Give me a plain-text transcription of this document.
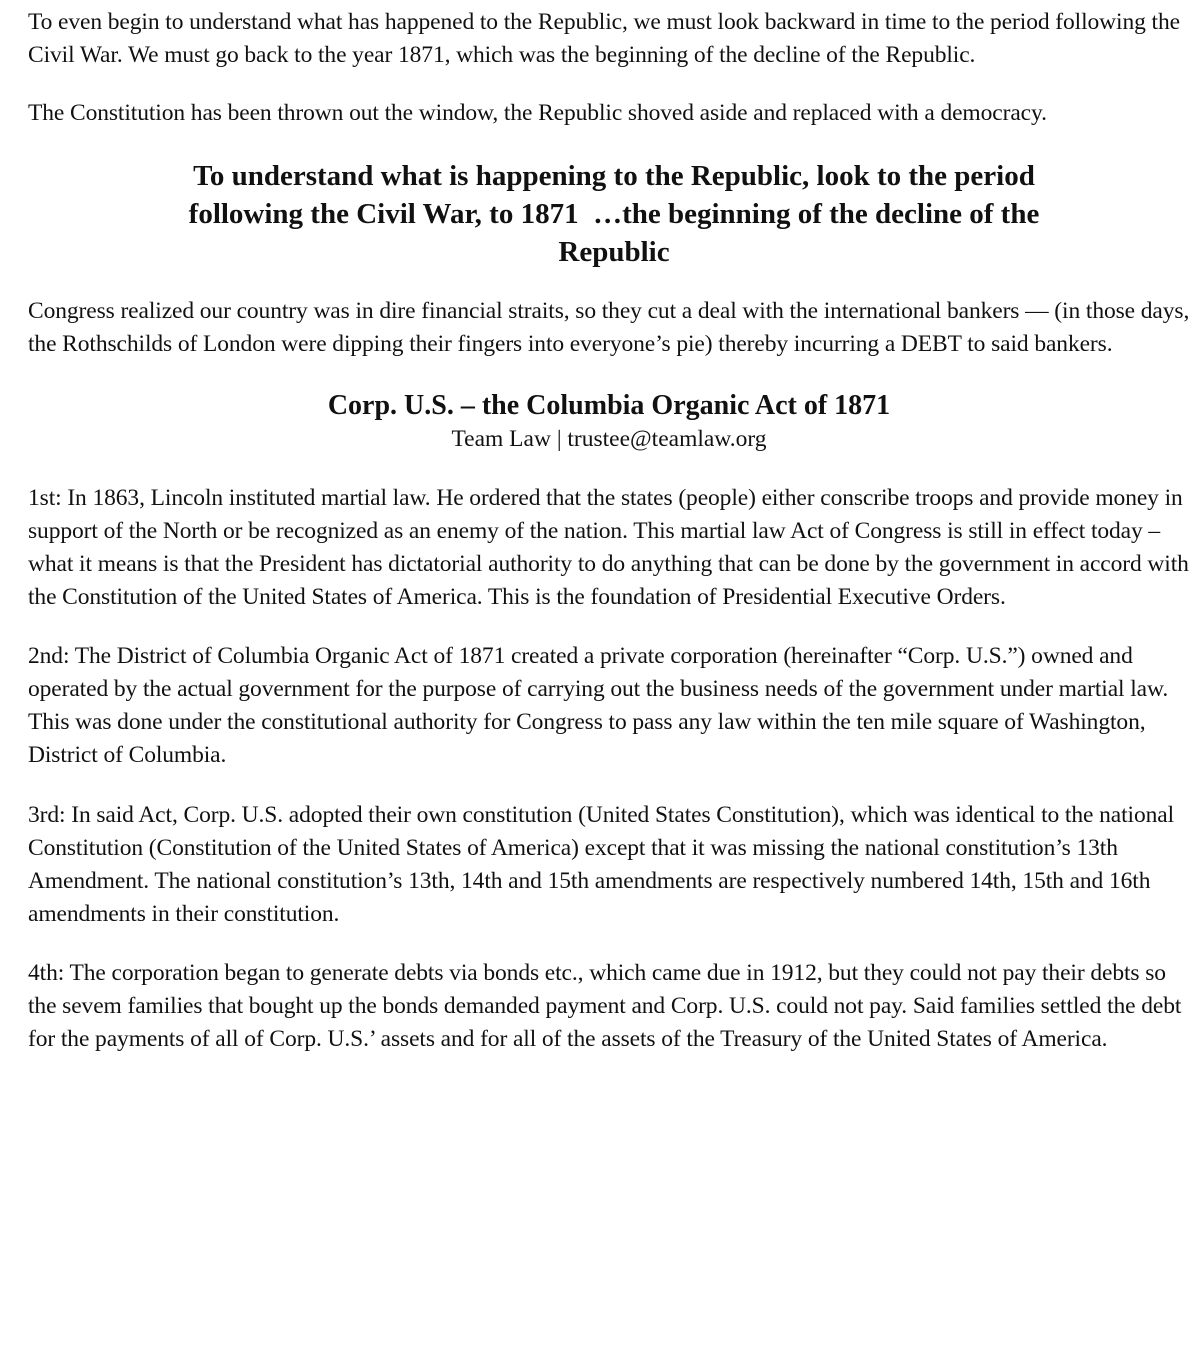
To even begin to understand what has happened to the Republic, we must look backward in time to the period following the Civil War. We must go back to the year 1871, which was the beginning of the decline of the Republic.

The Constitution has been thrown out the window, the Republic shoved aside and replaced with a democracy.

To understand what is happening to the Republic, look to the period
following the Civil War, to 1871  …the beginning of the decline of the
Republic

Congress realized our country was in dire financial straits, so they cut a deal with the international bankers — (in those days, the Rothschilds of London were dipping their fingers into everyone’s pie) thereby incurring a DEBT to said bankers.

Corp. U.S. – the Columbia Organic Act of 1871
Team Law | trustee@teamlaw.org

1st: In 1863, Lincoln instituted martial law. He ordered that the states (people) either conscribe troops and provide money in support of the North or be recognized as an enemy of the nation. This martial law Act of Congress is still in effect today – what it means is that the President has dictatorial authority to do anything that can be done by the government in accord with the Constitution of the United States of America. This is the foundation of Presidential Executive Orders.

2nd: The District of Columbia Organic Act of 1871 created a private corporation (hereinafter “Corp. U.S.”) owned and operated by the actual government for the purpose of carrying out the business needs of the government under martial law. This was done under the constitutional authority for Congress to pass any law within the ten mile square of Washington, District of Columbia.

3rd: In said Act, Corp. U.S. adopted their own constitution (United States Constitution), which was identical to the national Constitution (Constitution of the United States of America) except that it was missing the national constitution’s 13th Amendment. The national constitution’s 13th, 14th and 15th amendments are respectively numbered 14th, 15th and 16th amendments in their constitution.

4th: The corporation began to generate debts via bonds etc., which came due in 1912, but they could not pay their debts so the sevem families that bought up the bonds demanded payment and Corp. U.S. could not pay. Said families settled the debt for the payments of all of Corp. U.S.’ assets and for all of the assets of the Treasury of the United States of America.
